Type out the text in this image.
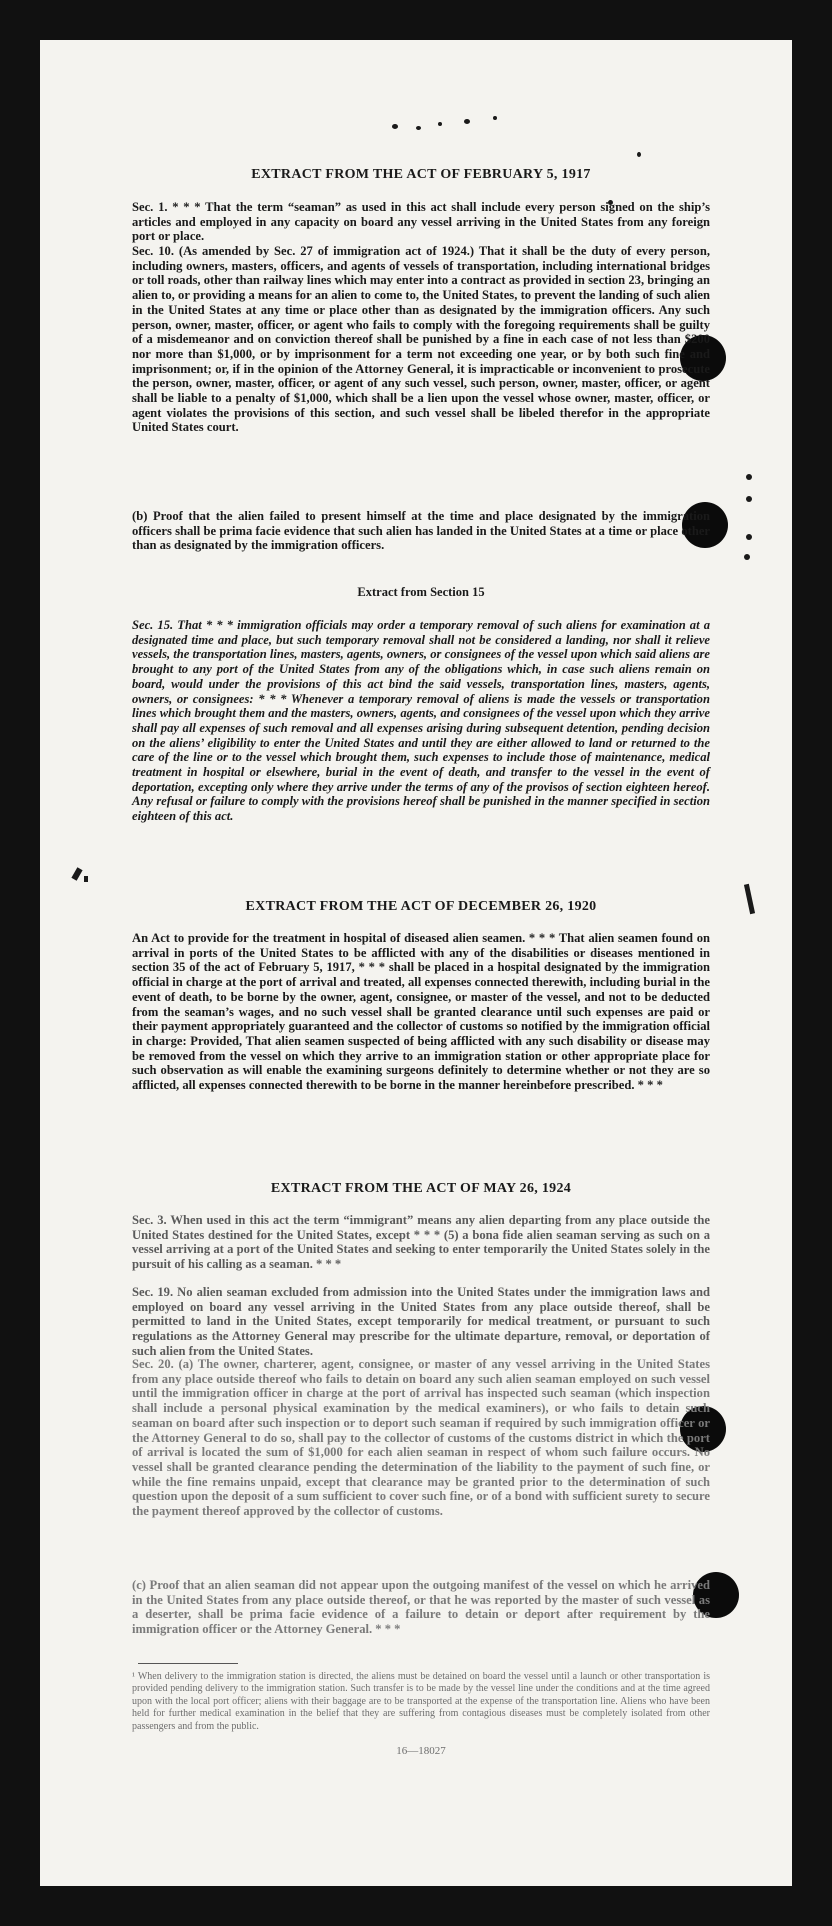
EXTRACT FROM THE ACT OF FEBRUARY 5, 1917
Sec. 1. * * * That the term “seaman” as used in this act shall include every person signed on the ship’s articles and employed in any capacity on board any vessel arriving in the United States from any foreign port or place.
Sec. 10. (As amended by Sec. 27 of immigration act of 1924.) That it shall be the duty of every person, including owners, masters, officers, and agents of vessels of transportation, including international bridges or toll roads, other than railway lines which may enter into a contract as provided in section 23, bringing an alien to, or providing a means for an alien to come to, the United States, to prevent the landing of such alien in the United States at any time or place other than as designated by the immigration officers. Any such person, owner, master, officer, or agent who fails to comply with the foregoing requirements shall be guilty of a misdemeanor and on conviction thereof shall be punished by a fine in each case of not less than $200 nor more than $1,000, or by imprisonment for a term not exceeding one year, or by both such fine and imprisonment; or, if in the opinion of the Attorney General, it is impracticable or inconvenient to prosecute the person, owner, master, officer, or agent of any such vessel, such person, owner, master, officer, or agent shall be liable to a penalty of $1,000, which shall be a lien upon the vessel whose owner, master, officer, or agent violates the provisions of this section, and such vessel shall be libeled therefor in the appropriate United States court.
(b) Proof that the alien failed to present himself at the time and place designated by the immigration officers shall be prima facie evidence that such alien has landed in the United States at a time or place other than as designated by the immigration officers.
Extract from Section 15
Sec. 15. That * * * immigration officials may order a temporary removal of such aliens for examination at a designated time and place, but such temporary removal shall not be considered a landing, nor shall it relieve vessels, the transportation lines, masters, agents, owners, or consignees of the vessel upon which said aliens are brought to any port of the United States from any of the obligations which, in case such aliens remain on board, would under the provisions of this act bind the said vessels, transportation lines, masters, agents, owners, or consignees: * * * Whenever a temporary removal of aliens is made the vessels or transportation lines which brought them and the masters, owners, agents, and consignees of the vessel upon which they arrive shall pay all expenses of such removal and all expenses arising during subsequent detention, pending decision on the aliens’ eligibility to enter the United States and until they are either allowed to land or returned to the care of the line or to the vessel which brought them, such expenses to include those of maintenance, medical treatment in hospital or elsewhere, burial in the event of death, and transfer to the vessel in the event of deportation, excepting only where they arrive under the terms of any of the provisos of section eighteen hereof. Any refusal or failure to comply with the provisions hereof shall be punished in the manner specified in section eighteen of this act.
EXTRACT FROM THE ACT OF DECEMBER 26, 1920
An Act to provide for the treatment in hospital of diseased alien seamen. * * * That alien seamen found on arrival in ports of the United States to be afflicted with any of the disabilities or diseases mentioned in section 35 of the act of February 5, 1917, * * * shall be placed in a hospital designated by the immigration official in charge at the port of arrival and treated, all expenses connected therewith, including burial in the event of death, to be borne by the owner, agent, consignee, or master of the vessel, and not to be deducted from the seaman’s wages, and no such vessel shall be granted clearance until such expenses are paid or their payment appropriately guaranteed and the collector of customs so notified by the immigration official in charge: Provided, That alien seamen suspected of being afflicted with any such disability or disease may be removed from the vessel on which they arrive to an immigration station or other appropriate place for such observation as will enable the examining surgeons definitely to determine whether or not they are so afflicted, all expenses connected therewith to be borne in the manner hereinbefore prescribed. * * *
EXTRACT FROM THE ACT OF MAY 26, 1924
Sec. 3. When used in this act the term “immigrant” means any alien departing from any place outside the United States destined for the United States, except * * * (5) a bona fide alien seaman serving as such on a vessel arriving at a port of the United States and seeking to enter temporarily the United States solely in the pursuit of his calling as a seaman. * * *
Sec. 19. No alien seaman excluded from admission into the United States under the immigration laws and employed on board any vessel arriving in the United States from any place outside thereof, shall be permitted to land in the United States, except temporarily for medical treatment, or pursuant to such regulations as the Attorney General may prescribe for the ultimate departure, removal, or deportation of such alien from the United States.
Sec. 20. (a) The owner, charterer, agent, consignee, or master of any vessel arriving in the United States from any place outside thereof who fails to detain on board any such alien seaman employed on such vessel until the immigration officer in charge at the port of arrival has inspected such seaman (which inspection shall include a personal physical examination by the medical examiners), or who fails to detain such seaman on board after such inspection or to deport such seaman if required by such immigration officer or the Attorney General to do so, shall pay to the collector of customs of the customs district in which the port of arrival is located the sum of $1,000 for each alien seaman in respect of whom such failure occurs. No vessel shall be granted clearance pending the determination of the liability to the payment of such fine, or while the fine remains unpaid, except that clearance may be granted prior to the determination of such question upon the deposit of a sum sufficient to cover such fine, or of a bond with sufficient surety to secure the payment thereof approved by the collector of customs.
(c) Proof that an alien seaman did not appear upon the outgoing manifest of the vessel on which he arrived in the United States from any place outside thereof, or that he was reported by the master of such vessel as a deserter, shall be prima facie evidence of a failure to detain or deport after requirement by the immigration officer or the Attorney General. * * *
¹ When delivery to the immigration station is directed, the aliens must be detained on board the vessel until a launch or other transportation is provided pending delivery to the immigration station. Such transfer is to be made by the vessel line under the conditions and at the time agreed upon with the local port officer; aliens with their baggage are to be transported at the expense of the transportation line. Aliens who have been held for further medical examination in the belief that they are suffering from contagious diseases must be completely isolated from other passengers and from the public.
16—18027
